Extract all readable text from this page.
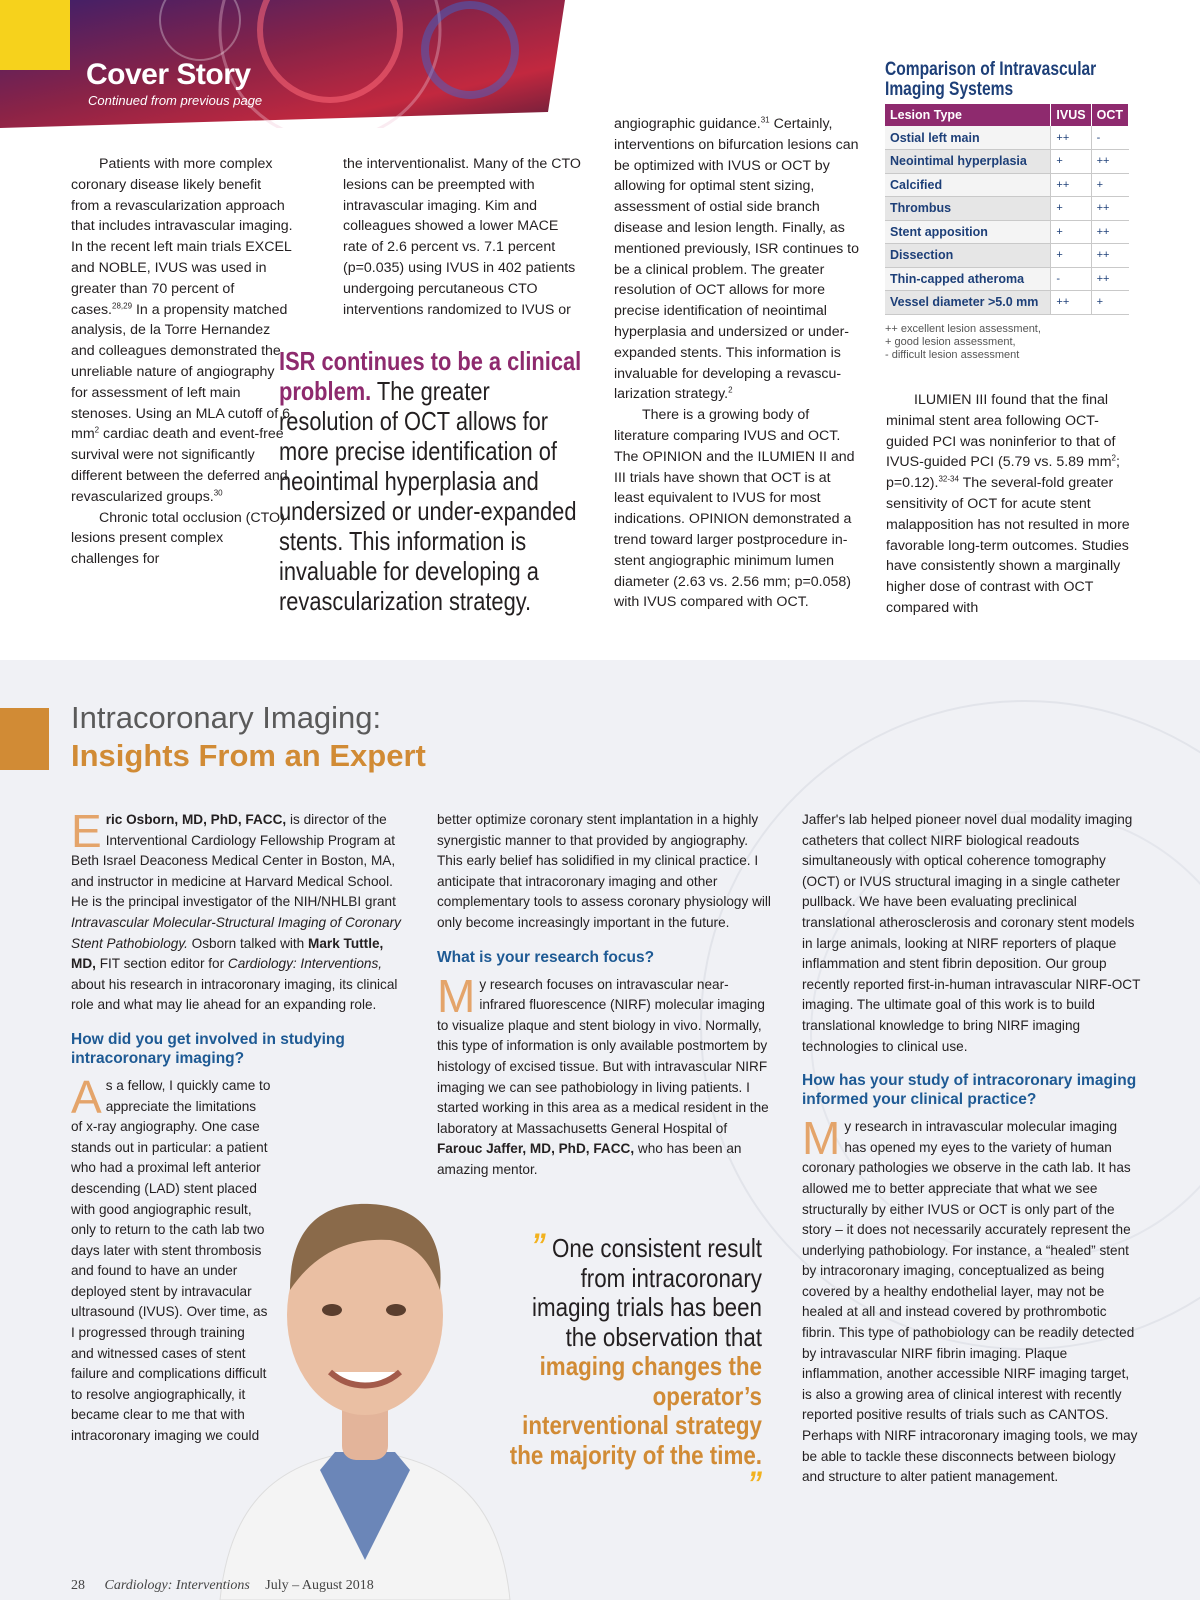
Cover Story
Continued from previous page

Patients with more complex coronary disease likely benefit from a revascularization approach that includes intravascular imaging. In the recent left main trials EXCEL and NOBLE, IVUS was used in greater than 70 percent of cases.$^{28,29}$ In a propensity matched analysis, de la Torre Hernandez and colleagues demonstrated the unreliable nature of angiography for assessment of left main stenoses. Using an MLA cutoff of 6 $mm^2$ cardiac death and event-free survival were not significantly different between the deferred and revascularized groups.$^{30}$

Chronic total occlusion (CTO) lesions present complex challenges for

the interventionalist. Many of the CTO lesions can be preempted with intravascular imaging. Kim and colleagues showed a lower MACE rate of 2.6 percent vs. 7.1 percent (p=0.035) using IVUS in 402 patients undergoing percutaneous CTO interventions randomized to IVUS or

ISR continues to be a clinical problem. The greater resolution of OCT allows for more precise identification of neointimal hyperplasia and undersized or under-expanded stents. This information is invaluable for developing a revascularization strategy.

angiographic guidance.$^{31}$ Certainly, interventions on bifurcation lesions can be optimized with IVUS or OCT by allowing for optimal stent sizing, assessment of ostial side branch disease and lesion length. Finally, as mentioned previously, ISR continues to be a clinical problem. The greater resolution of OCT allows for more precise identification of neointimal hyperplasia and undersized or under-expanded stents. This information is invaluable for developing a revascu-larization strategy.$^2$

There is a growing body of literature comparing IVUS and OCT. The OPINION and the ILUMIEN II and III trials have shown that OCT is at least equivalent to IVUS for most indications. OPINION demonstrated a trend toward larger postprocedure in-stent angiographic minimum lumen diameter (2.63 vs. 2.56 mm; p=0.058) with IVUS compared with OCT.

ILUMIEN III found that the final minimal stent area following OCT-guided PCI was noninferior to that of IVUS-guided PCI (5.79 vs. 5.89 $mm^2$; p=0.12).$^{32-34}$ The several-fold greater sensitivity of OCT for acute stent malapposition has not resulted in more favorable long-term outcomes. Studies have consistently shown a marginally higher dose of contrast with OCT compared with

Comparison of Intravascular Imaging Systems
Lesion Type	IVUS	OCT
Ostial left main	++	-
Neointimal hyperplasia	+	++
Calcified	++	+
Thrombus	+	++
Stent apposition	+	++
Dissection	+	++
Thin-capped atheroma	-	++
Vessel diameter >5.0 mm	++	+
++ excellent lesion assessment,
+ good lesion assessment,
- difficult lesion assessment
Intracoronary Imaging:
Insights From an Expert

Eric Osborn, MD, PhD, FACC, is director of the Interventional Cardiology Fellowship Program at Beth Israel Deaconess Medical Center in Boston, MA, and instructor in medicine at Harvard Medical School. He is the principal investigator of the NIH/NHLBI grant Intravascular Molecular-Structural Imaging of Coronary Stent Pathobiology. Osborn talked with Mark Tuttle, MD, FIT section editor for Cardiology: Interventions, about his research in intracoronary imaging, its clinical role and what may lie ahead for an expanding role.

How did you get involved in studying intracoronary imaging?

As a fellow, I quickly came to appreciate the limitations of x-ray angiography. One case stands out in particular: a patient who had a proximal left anterior descending (LAD) stent placed with good angiographic result, only to return to the cath lab two days later with stent thrombosis and found to have an under deployed stent by intravacular ultrasound (IVUS). Over time, as I progressed through training and witnessed cases of stent failure and complications difficult to resolve angiographically, it became clear to me that with intracoronary imaging we could

better optimize coronary stent implantation in a highly synergistic manner to that provided by angiography. This early belief has solidified in my clinical practice. I anticipate that intracoronary imaging and other complementary tools to assess coronary physiology will only become increasingly important in the future.

What is your research focus?

My research focuses on intravascular near-infrared fluorescence (NIRF) molecular imaging to visualize plaque and stent biology in vivo. Normally, this type of information is only available postmortem by histology of excised tissue. But with intravascular NIRF imaging we can see pathobiology in living patients. I started working in this area as a medical resident in the laboratory at Massachusetts General Hospital of Farouc Jaffer, MD, PhD, FACC, who has been an amazing mentor.

Jaffer's lab helped pioneer novel dual modality imaging catheters that collect NIRF biological readouts simultaneously with optical coherence tomography (OCT) or IVUS structural imaging in a single catheter pullback. We have been evaluating preclinical translational atherosclerosis and coronary stent models in large animals, looking at NIRF reporters of plaque inflammation and stent fibrin deposition. Our group recently reported first-in-human intravascular NIRF-OCT imaging. The ultimate goal of this work is to build translational knowledge to bring NIRF imaging technologies to clinical use.

How has your study of intracoronary imaging informed your clinical practice?

My research in intravascular molecular imaging has opened my eyes to the variety of human coronary pathologies we observe in the cath lab. It has allowed me to better appreciate that what we see structurally by either IVUS or OCT is only part of the story – it does not necessarily accurately represent the underlying pathobiology. For instance, a “healed” stent by intracoronary imaging, conceptualized as being covered by a healthy endothelial layer, may not be healed at all and instead covered by prothrombotic fibrin. This type of pathobiology can be readily detected by intravascular NIRF fibrin imaging. Plaque inflammation, another accessible NIRF imaging target, is also a growing area of clinical interest with recently reported positive results of trials such as CANTOS. Perhaps with NIRF intracoronary imaging tools, we may be able to tackle these disconnects between biology and structure to alter patient management.

” One consistent result from intracoronary imaging trials has been the observation that imaging changes the operator’s interventional strategy the majority of the time. ”
28 Cardiology: Interventions July – August 2018
